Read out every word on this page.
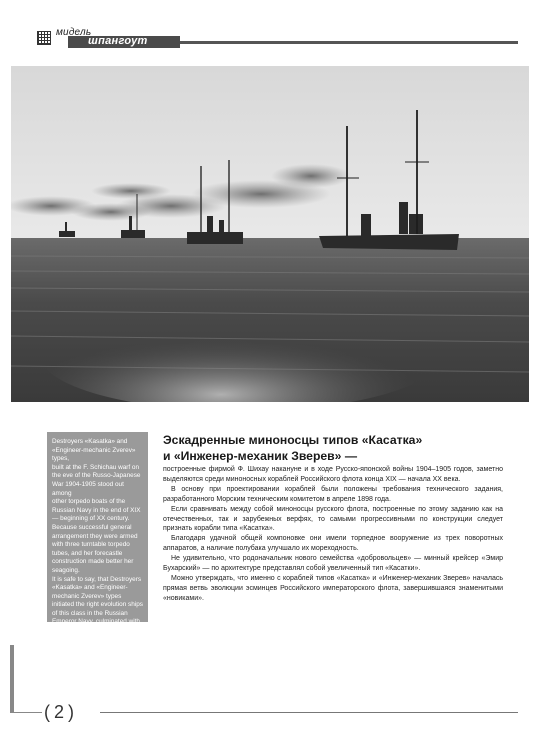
мидель
шпангоут

Destroyers «Kasatka» and «Engineer-mechanic Zverev» types,

built at the F. Schichau warf on

the eve of the Russo-Japanese

War 1904-1905 stood out among

other torpedo boats of the Russian Navy in the end of XIX — beginning of XX century.

Because successful general arrangement they were armed with three turntable torpedo tubes, and her forecastle construction made better her seagoing.

It is safe to say, that Destroyers «Kasatka» and «Engineer-mechanic Zverev» types initiated the right evolution ships of this class in the Russian Emperor Navy, culminated with famous «Noviks».

Эскадренные миноносцы типов «Касатка»
и «Инженер-механик Зверев» —

построенные фирмой Ф. Шихау накануне и в ходе Русско-японской войны 1904–1905 годов, заметно выделяются среди миноносных кораблей Российского флота конца XIX — начала XX века.

В основу при проектировании кораблей были положены требования технического задания, разработанного Морским техническим комитетом в апреле 1898 года.

Если сравнивать между собой миноносцы русского флота, построенные по этому заданию как на отечественных, так и зарубежных верфях, то самыми прогрессивными по конструкции следует признать корабли типа «Касатка».

Благодаря удачной общей компоновке они имели торпедное вооружение из трех поворотных аппаратов, а наличие полубака улучшало их мореходность.

Не удивительно, что родоначальник нового семейства «добровольцев» — минный крейсер «Эмир Бухарский» — по архитектуре представлял собой увеличенный тип «Касатки».

Можно утверждать, что именно с кораблей типов «Касатка» и «Инженер-механик Зверев» началась прямая ветвь эволюции эсминцев Российского императорского флота, завершившаяся знаменитыми «новиками».

(2)
